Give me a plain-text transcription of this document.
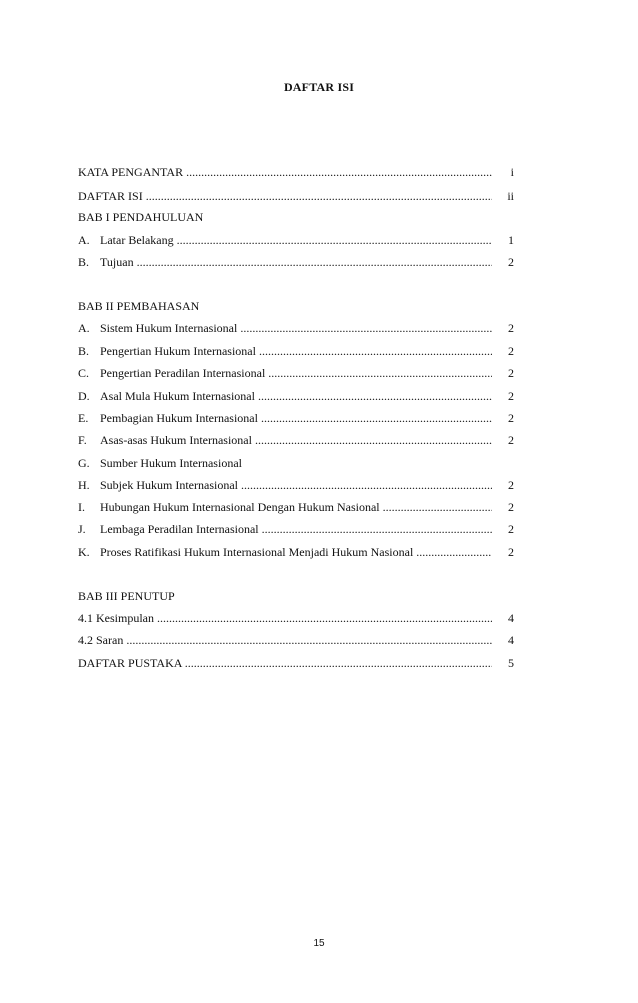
DAFTAR ISI
KATA PENGANTAR .....	i
DAFTAR ISI .....	ii
BAB I PENDAHULUAN
A. Latar Belakang .....	1
B. Tujuan .....	2
BAB II PEMBAHASAN
A. Sistem Hukum Internasional .....	2
B. Pengertian Hukum Internasional .....	2
C. Pengertian Peradilan Internasional .....	2
D. Asal Mula Hukum Internasional .....	2
E. Pembagian Hukum Internasional .....	2
F. Asas-asas Hukum Internasional .....	2
G. Sumber Hukum Internasional
H. Subjek Hukum Internasional .....	2
I. Hubungan Hukum Internasional Dengan Hukum Nasional .....	2
J. Lembaga Peradilan Internasional .....	2
K. Proses Ratifikasi Hukum Internasional Menjadi Hukum Nasional .....	2
BAB III PENUTUP
4.1 Kesimpulan .....	4
4.2 Saran .....	4
DAFTAR PUSTAKA .....	5
15
